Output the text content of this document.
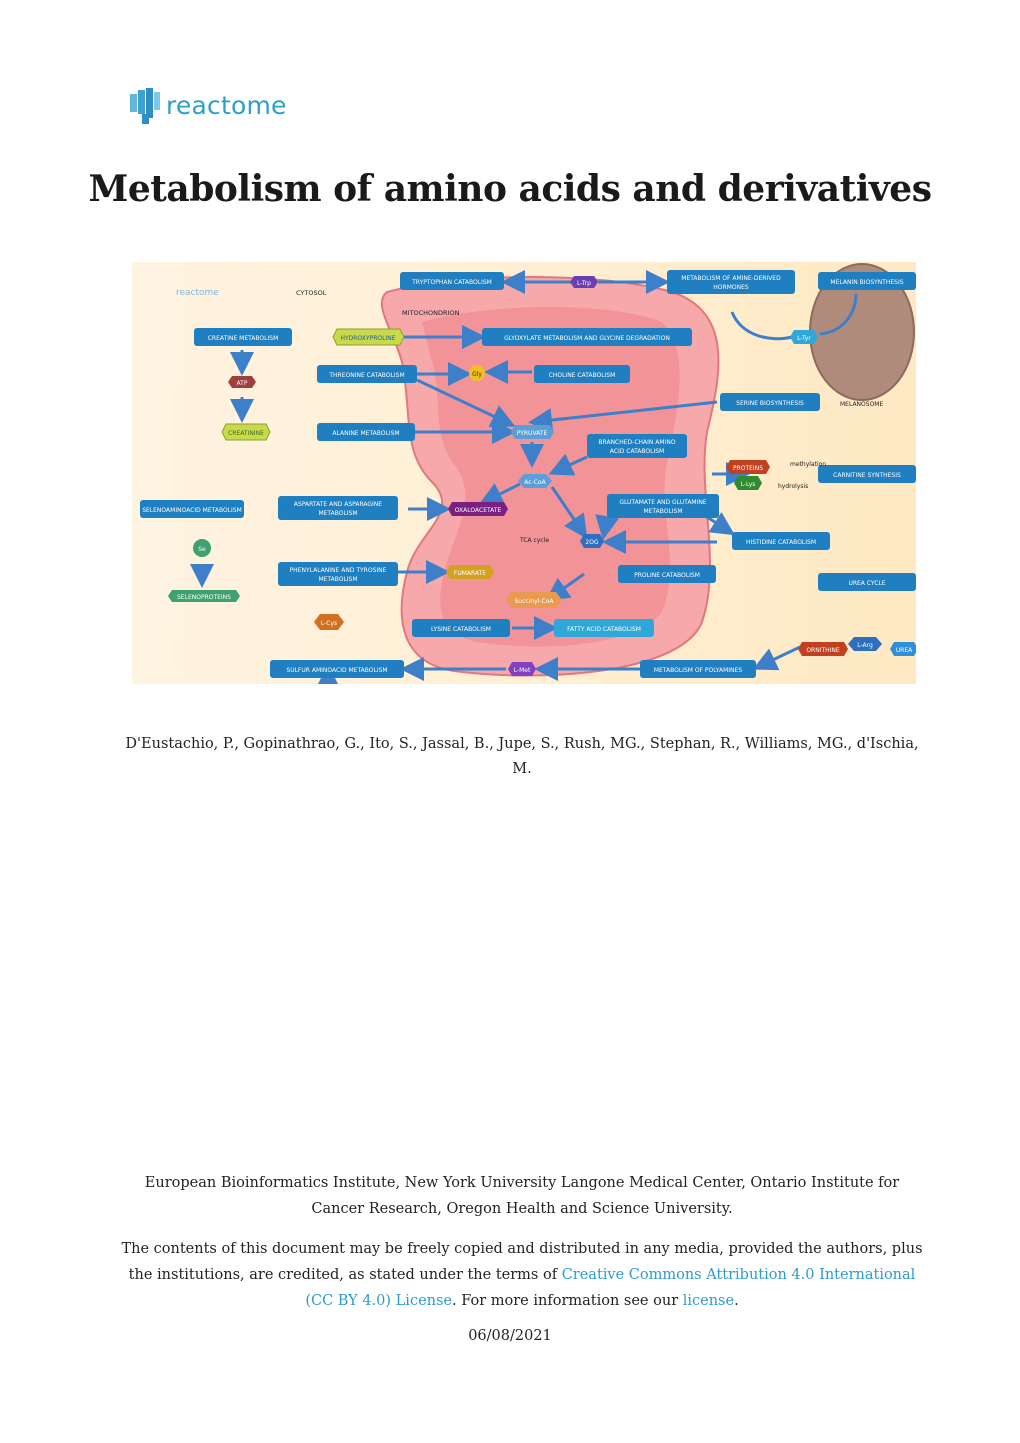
reactome
Metabolism of amino acids and derivatives
reactome	CYTOSOL
MITOCHONDRION
MELANOSOME
TRYPTOPHAN CATABOLISM
METABOLISM OF AMINE-DERIVED
HORMONES
MELANIN BIOSYNTHESIS
CREATINE METABOLISM	GLYOXYLATE METABOLISM AND GLYCINE DEGRADATION
THREONINE CATABOLISM	CHOLINE CATABOLISM
SERINE BIOSYNTHESIS
ALANINE METABOLISM
BRANCHED-CHAIN AMINO
ACID CATABOLISM
CARNITINE SYNTHESIS
SELENOAMINOACID METABOLISM
ASPARTATE AND ASPARAGINE
METABOLISM
GLUTAMATE AND GLUTAMINE
METABOLISM
HISTIDINE CATABOLISM
PHENYLALANINE AND TYROSINE
METABOLISM
PROLINE CATABOLISM
UREA CYCLE
LYSINE CATABOLISM	FATTY ACID CATABOLISM
SULFUR AMINOACID METABOLISM	METABOLISM OF POLYAMINES
L-Trp
L-Tyr
HYDROXYPROLINE
ATP
Gly
CREATININE	PYRUVATE
methylation
hydrolysis
PROTEINS
L-Lys
Ac-CoA
OXALOACETATE
Se
TCA cycle	2OG
SELENOPROTEINS
FUMARATE
Succinyl-CoA
L-Cys
L-Arg
ORNITHINE	UREA
L-Met
D'Eustachio, P., Gopinathrao, G., Ito, S., Jassal, B., Jupe, S., Rush, MG., Stephan, R., Williams, MG., d'Ischia, M.
European Bioinformatics Institute, New York University Langone Medical Center, Ontario Institute for Cancer Research, Oregon Health and Science University.
The contents of this document may be freely copied and distributed in any media, provided the authors, plus the institutions, are credited, as stated under the terms of Creative Commons Attribution 4.0 International (CC BY 4.0) License. For more information see our license.
06/08/2021
